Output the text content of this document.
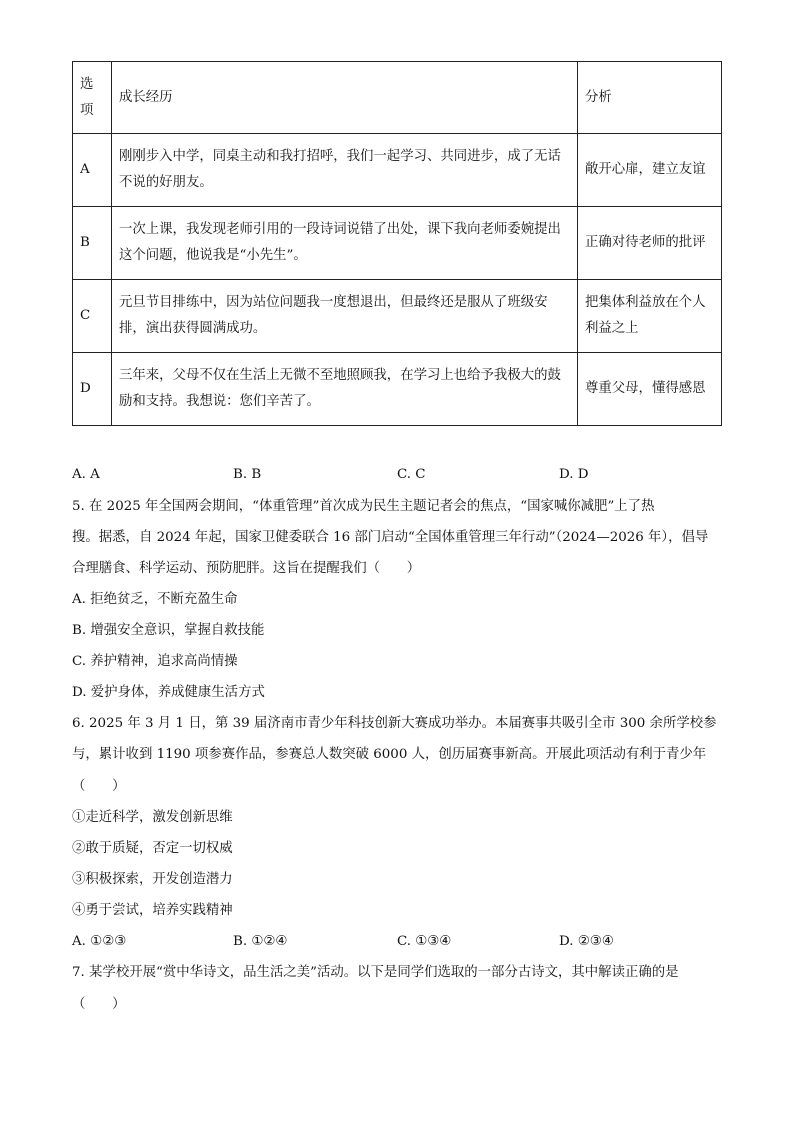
选项	成长经历	分析
A	刚刚步入中学，同桌主动和我打招呼，我们一起学习、共同进步，成了无话不说的好朋友。	敞开心扉，建立友谊
B	一次上课，我发现老师引用的一段诗词说错了出处，课下我向老师委婉提出这个问题，他说我是“小先生”。	正确对待老师的批评
C	元旦节目排练中，因为站位问题我一度想退出，但最终还是服从了班级安排，演出获得圆满成功。	把集体利益放在个人利益之上
D	三年来，父母不仅在生活上无微不至地照顾我，在学习上也给予我极大的鼓励和支持。我想说：您们辛苦了。	尊重父母，懂得感恩
A. A	B. B	C. C	D. D
5. 在 2025 年全国两会期间，“体重管理”首次成为民生主题记者会的焦点，“国家喊你减肥”上了热
搜。据悉，自 2024 年起，国家卫健委联合 16 部门启动“全国体重管理三年行动”（2024—2026 年），倡导
合理膳食、科学运动、预防肥胖。这旨在提醒我们（　　）
A. 拒绝贫乏，不断充盈生命
B. 增强安全意识，掌握自救技能
C. 养护精神，追求高尚情操
D. 爱护身体，养成健康生活方式
6. 2025 年 3 月 1 日，第 39 届济南市青少年科技创新大赛成功举办。本届赛事共吸引全市 300 余所学校参
与，累计收到 1190 项参赛作品，参赛总人数突破 6000 人，创历届赛事新高。开展此项活动有利于青少年
（　　）
①走近科学，激发创新思维
②敢于质疑，否定一切权威
③积极探索，开发创造潜力
④勇于尝试，培养实践精神
A. ①②③	B. ①②④	C. ①③④	D. ②③④
7. 某学校开展“赏中华诗文，品生活之美”活动。以下是同学们选取的一部分古诗文，其中解读正确的是
（　　）
